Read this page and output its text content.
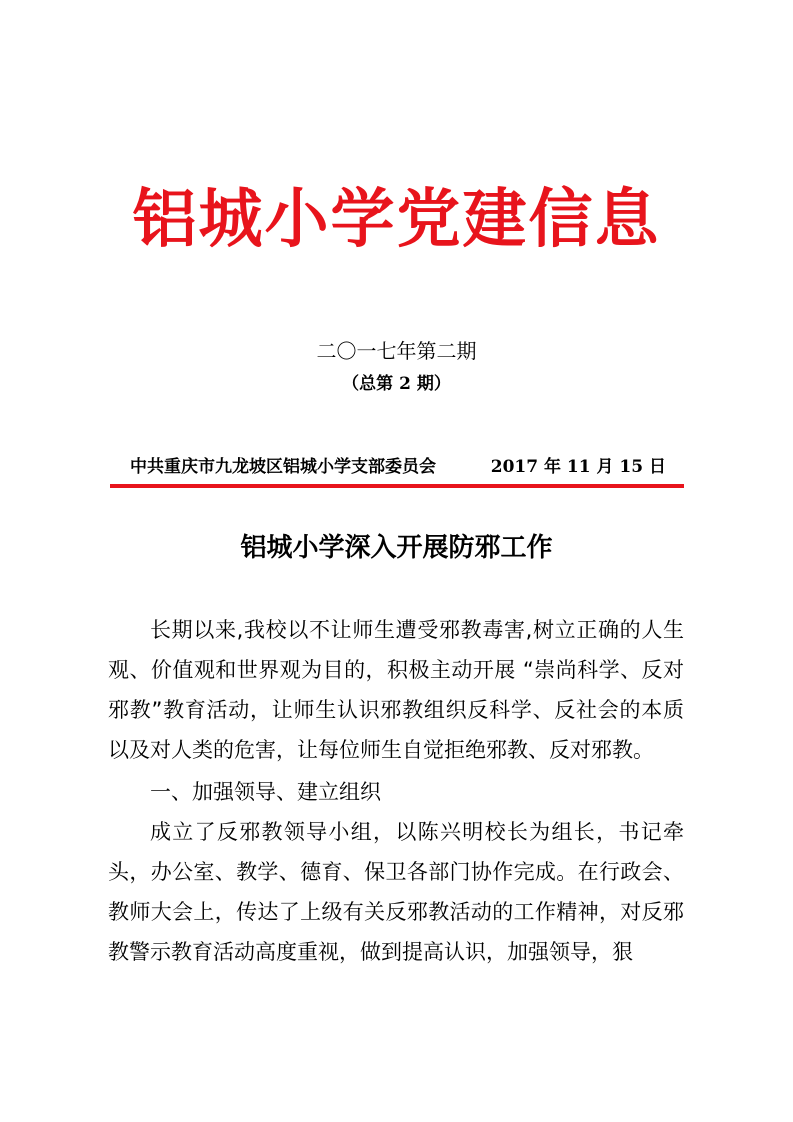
铝城小学党建信息
二〇一七年第二期
（总第 2 期）
中共重庆市九龙坡区铝城小学支部委员会	2017 年 11 月 15 日
铝城小学深入开展防邪工作

长期以来,我校以不让师生遭受邪教毒害,树立正确的人生观、价值观和世界观为目的，积极主动开展 “崇尚科学、反对邪教”教育活动，让师生认识邪教组织反科学、反社会的本质以及对人类的危害，让每位师生自觉拒绝邪教、反对邪教。

一、加强领导、建立组织

成立了反邪教领导小组，以陈兴明校长为组长，书记牵头，办公室、教学、德育、保卫各部门协作完成。在行政会、教师大会上，传达了上级有关反邪教活动的工作精神，对反邪教警示教育活动高度重视，做到提高认识，加强领导，狠
